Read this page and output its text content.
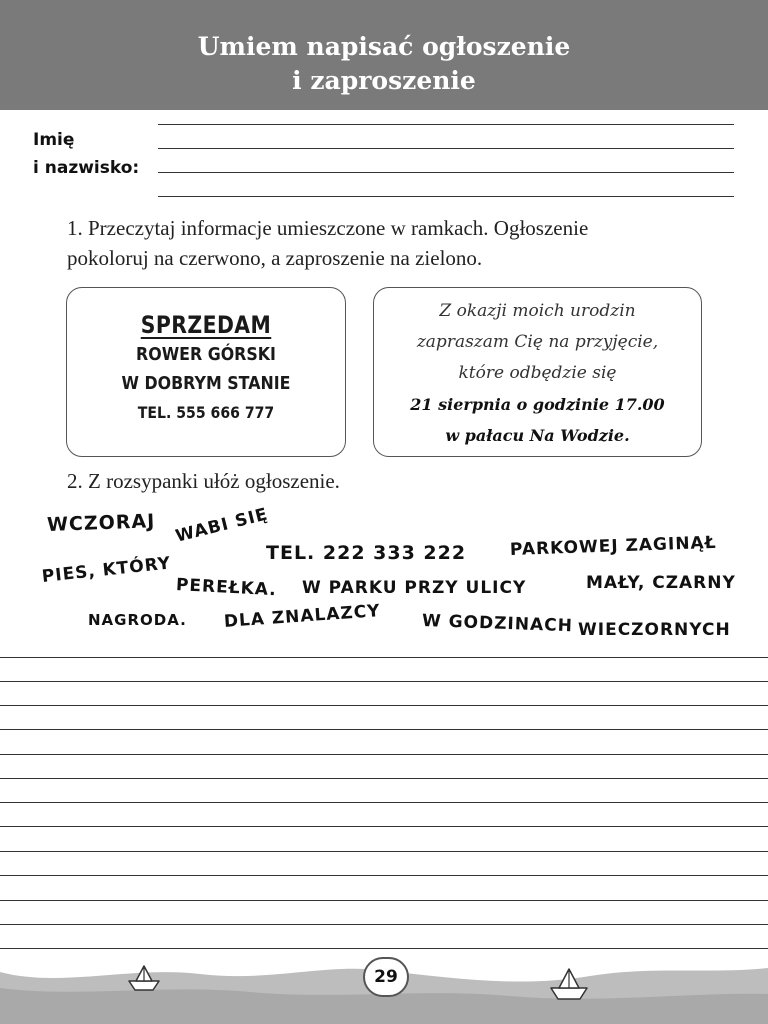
Umiem napisać ogłoszenie
i zaproszenie
Imię
i nazwisko:
1. Przeczytaj informacje umieszczone w ramkach. Ogłoszenie
pokoloruj na czerwono, a zaproszenie na zielono.
SPRZEDAM
ROWER GÓRSKI
W DOBRYM STANIE
TEL. 555 666 777
Z okazji moich urodzin
zapraszam Cię na przyjęcie,
które odbędzie się
21 sierpnia o godzinie 17.00
w pałacu Na Wodzie.
2. Z rozsypanki ułóż ogłoszenie.
WCZORAJ WABI SIĘ
TEL. 222 333 222	PARKOWEJ ZAGINĄŁ
PIES, KTÓRY
PEREŁKA. W PARKU PRZY ULICY	MAŁY, CZARNY
NAGRODA. DLA ZNALAZCY W GODZINACH WIECZORNYCH
29
